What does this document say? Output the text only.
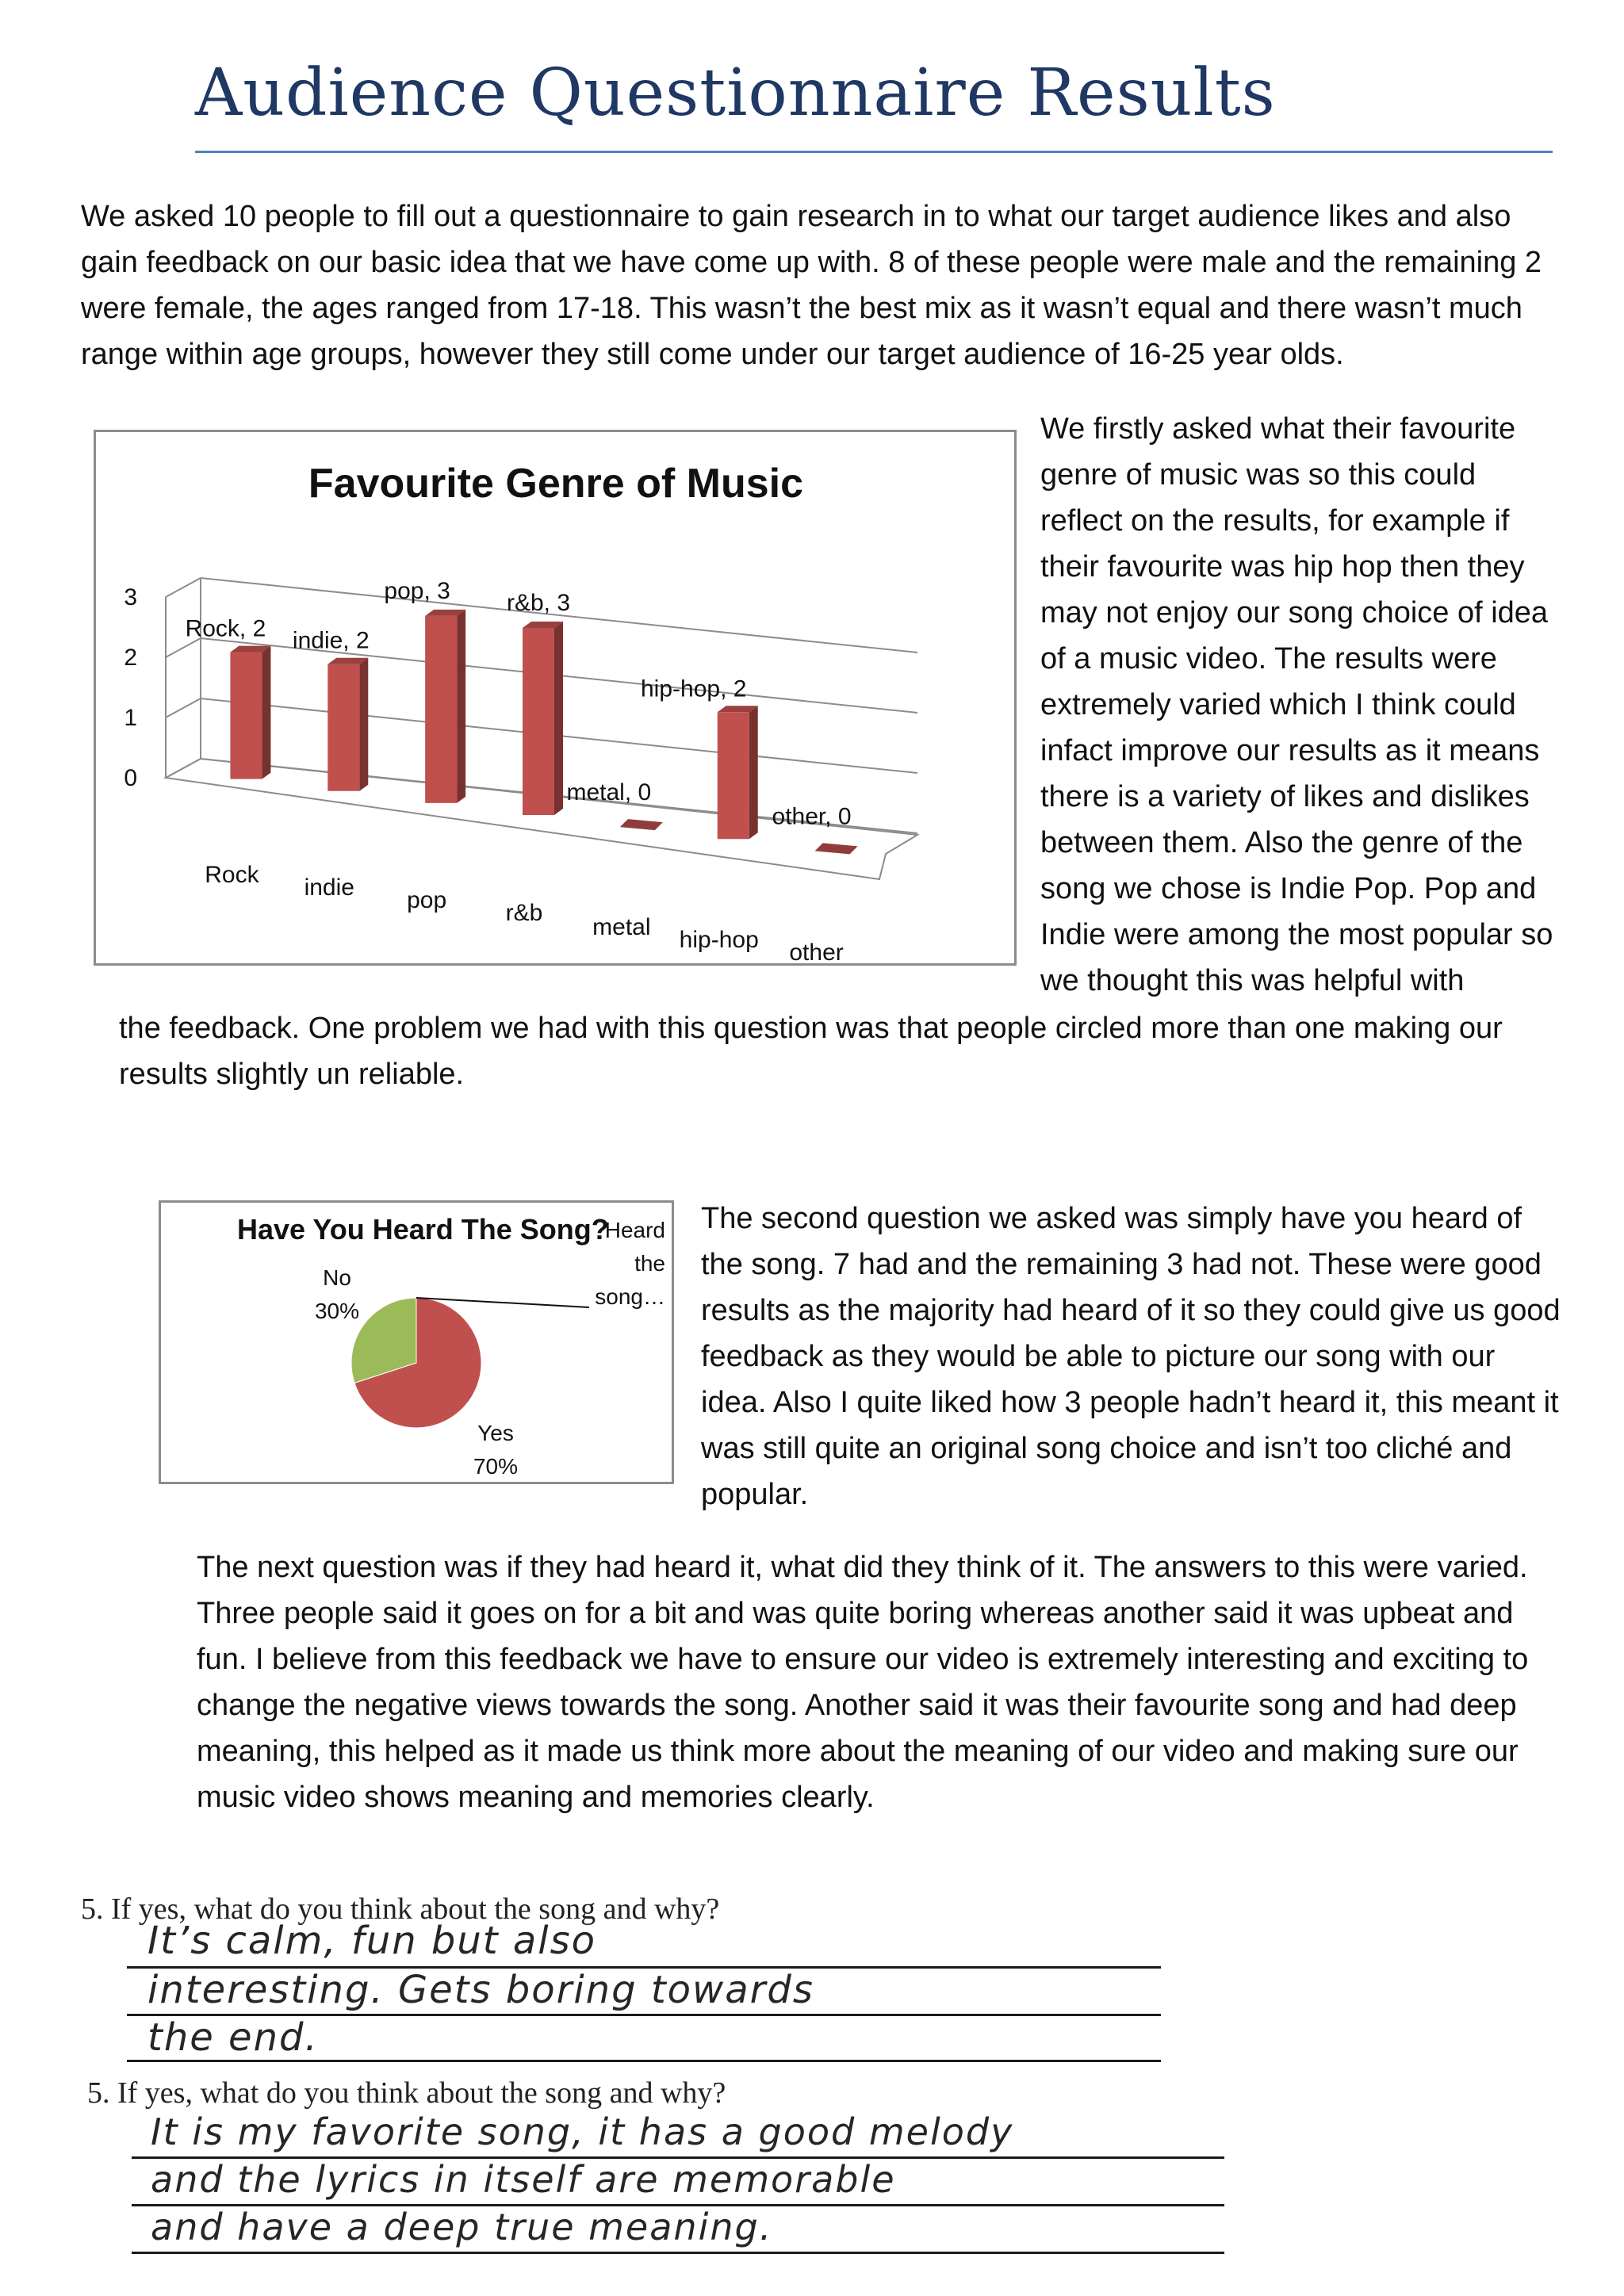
Audience Questionnaire Results

We asked 10 people to fill out a questionnaire to gain research in to what our target audience likes and also gain feedback on our basic idea that we have come up with. 8 of these people were male and the remaining 2 were female, the ages ranged from 17-18. This wasn’t the best mix as it wasn’t equal and there wasn’t much range within age groups, however they still come under our target audience of 16-25 year olds.

Favourite Genre of Music
0
1
2
3
Rock, 2
Rock
indie, 2
indie
pop, 3
pop
r&b, 3
r&b
metal, 0
metal
hip-hop, 2
hip-hop
other, 0
other

We firstly asked what their favourite genre of music was so this could reflect on the results, for example if their favourite was hip hop then they may not enjoy our song choice of idea of a music video. The results were extremely varied which I think could infact improve our results as it means there is a variety of likes and dislikes between them. Also the genre of the song we chose is Indie Pop. Pop and Indie were among the most popular so we thought this was helpful with

the feedback. One problem we had with this question was that people circled more than one making our results slightly un reliable.

Have You Heard The Song?
Yes
70%
No
30%
Heard
the
song…

The second question we asked was simply have you heard of the song. 7 had and the remaining 3 had not. These were good results as the majority had heard of it so they could give us good feedback as they would be able to picture our song with our idea. Also I quite liked how 3 people hadn’t heard it, this meant it was still quite an original song choice and isn’t too cliché and popular.

The next question was if they had heard it, what did they think of it. The answers to this were varied. Three people said it goes on for a bit and was quite boring whereas another said it was upbeat and fun. I believe from this feedback we have to ensure our video is extremely interesting and exciting to change the negative views towards the song. Another said it was their favourite song and had deep meaning, this helped as it made us think more about the meaning of our video and making sure our music video shows meaning and memories clearly.

5. If yes, what do you think about the song and why?
It’s calm, fun but also
interesting. Gets boring towards
the end.
5. If yes, what do you think about the song and why?
It is my favorite song, it has a good melody
and the lyrics in itself are memorable
and have a deep true meaning.
